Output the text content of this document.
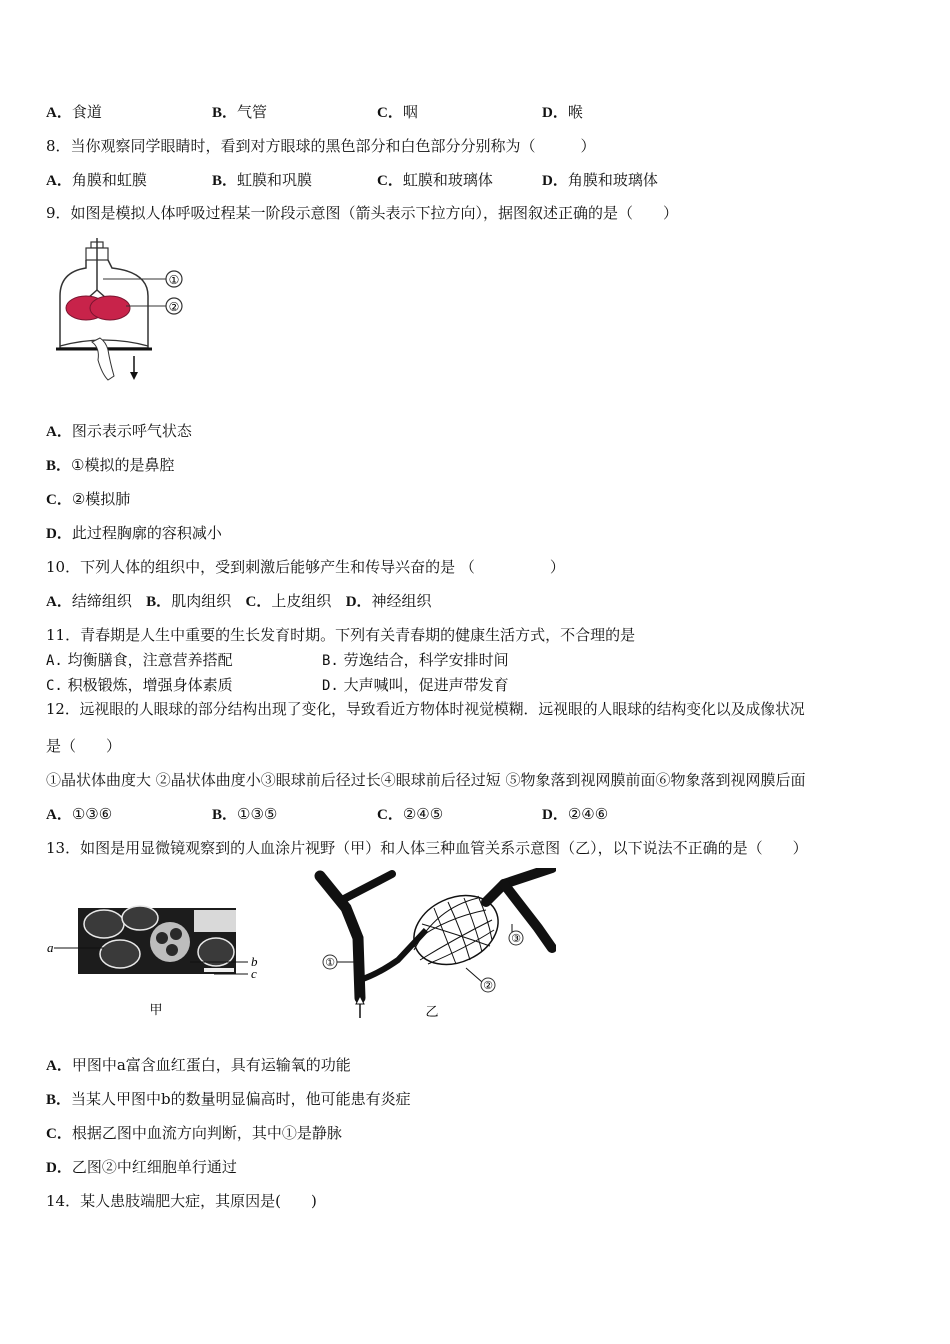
A．食道	B．气管	C．咽	D．喉
8．当你观察同学眼睛时，看到对方眼球的黑色部分和白色部分分别称为（　　　）
A．角膜和虹膜	B．虹膜和巩膜	C．虹膜和玻璃体	D．角膜和玻璃体
9．如图是模拟人体呼吸过程某一阶段示意图（箭头表示下拉方向），据图叙述正确的是（　　）
①
②
A．图示表示呼气状态
B．①模拟的是鼻腔
C．②模拟肺
D．此过程胸廓的容积减小
10．下列人体的组织中，受到刺激后能够产生和传导兴奋的是 （　　　　　）
A．结缔组织 B．肌肉组织 C．上皮组织 D．神经组织
11．青春期是人生中重要的生长发育时期。下列有关青春期的健康生活方式，不合理的是
A. 均衡膳食，注意营养搭配	B. 劳逸结合，科学安排时间
C. 积极锻炼，增强身体素质	D. 大声喊叫，促进声带发育
12．远视眼的人眼球的部分结构出现了变化，导致看近方物体时视觉模糊．远视眼的人眼球的结构变化以及成像状况
是（　　）
①晶状体曲度大 ②晶状体曲度小③眼球前后径过长④眼球前后径过短 ⑤物象落到视网膜前面⑥物象落到视网膜后面
A．①③⑥	B．①③⑤	C．②④⑤	D．②④⑥
13．如图是用显微镜观察到的人血涂片视野（甲）和人体三种血管关系示意图（乙），以下说法不正确的是（　　）
a
b
c
甲
①
②
③
乙
A．甲图中a富含血红蛋白，具有运输氧的功能
B．当某人甲图中b的数量明显偏高时，他可能患有炎症
C．根据乙图中血流方向判断，其中①是静脉
D．乙图②中红细胞单行通过
14．某人患肢端肥大症，其原因是(　　)
